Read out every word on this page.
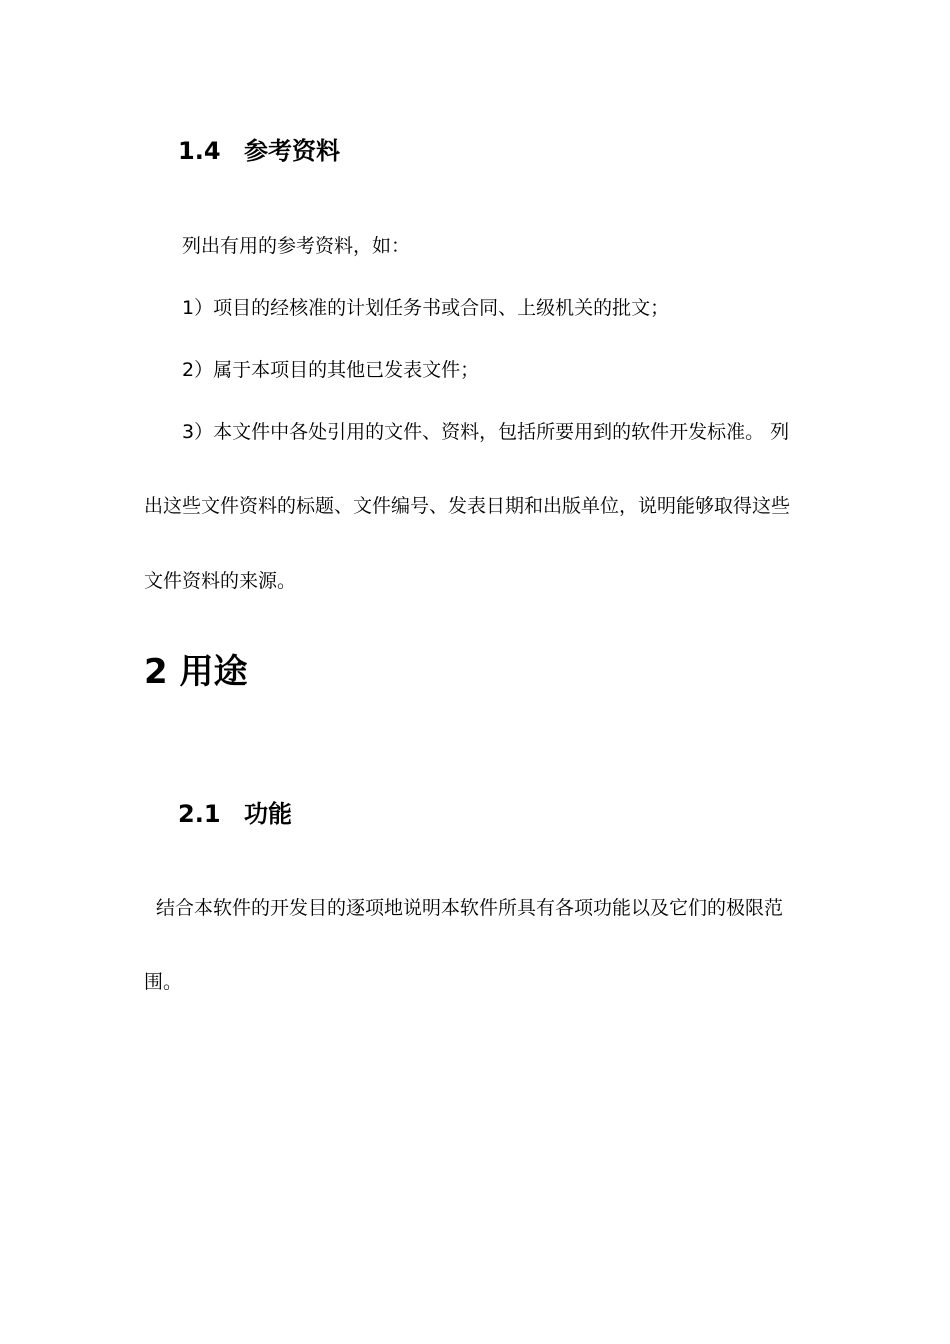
1.4 参考资料
列出有用的参考资料，如：
1）项目的经核准的计划任务书或合同、上级机关的批文；
2）属于本项目的其他已发表文件；
3）本文件中各处引用的文件、资料，包括所要用到的软件开发标准。 列
出这些文件资料的标题、文件编号、发表日期和出版单位，说明能够取得这些
文件资料的来源。
2 用途
2.1 功能
结合本软件的开发目的逐项地说明本软件所具有各项功能以及它们的极限范
围。
